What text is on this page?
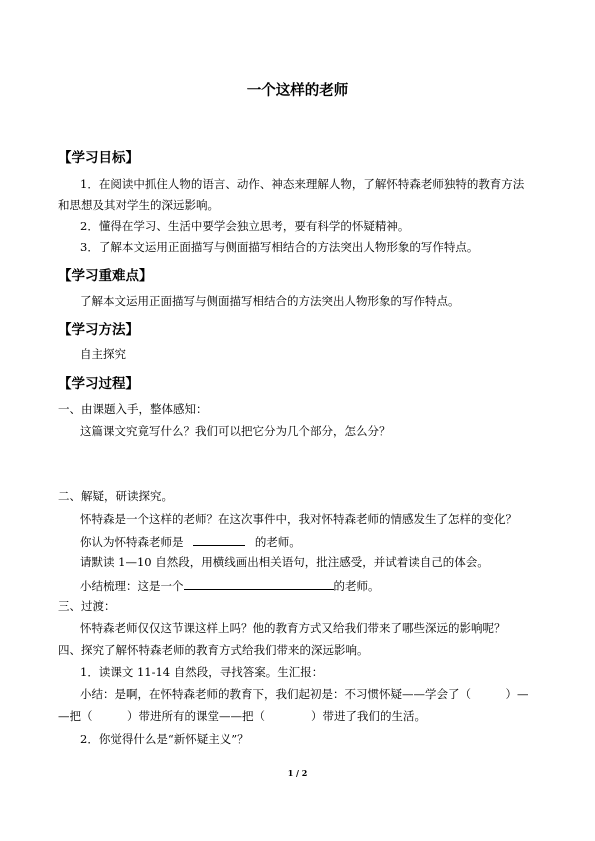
一个这样的老师
【学习目标】
1．在阅读中抓住人物的语言、动作、神态来理解人物，了解怀特森老师独特的教育方法
和思想及其对学生的深远影响。
2．懂得在学习、生活中要学会独立思考，要有科学的怀疑精神。
3．了解本文运用正面描写与侧面描写相结合的方法突出人物形象的写作特点。
【学习重难点】
了解本文运用正面描写与侧面描写相结合的方法突出人物形象的写作特点。
【学习方法】
自主探究
【学习过程】
一、由课题入手，整体感知：
这篇课文究竟写什么？我们可以把它分为几个部分，怎么分？
二、解疑，研读探究。
怀特森是一个这样的老师？在这次事件中，我对怀特森老师的情感发生了怎样的变化？
你认为怀特森老师是	的老师。
请默读 1—10 自然段，用横线画出相关语句，批注感受，并试着读自己的体会。
小结梳理：这是一个	的老师。
三、过渡：
怀特森老师仅仅这节课这样上吗？他的教育方式又给我们带来了哪些深远的影响呢？
四、探究了解怀特森老师的教育方式给我们带来的深远影响。
1．读课文 11-14 自然段，寻找答案。生汇报：
小结：是啊，在怀特森老师的教育下，我们起初是：不习惯怀疑——学会了（　　　）—
—把（　　　）带进所有的课堂——把（　　　　）带进了我们的生活。
2．你觉得什么是“新怀疑主义”？
1 / 2
